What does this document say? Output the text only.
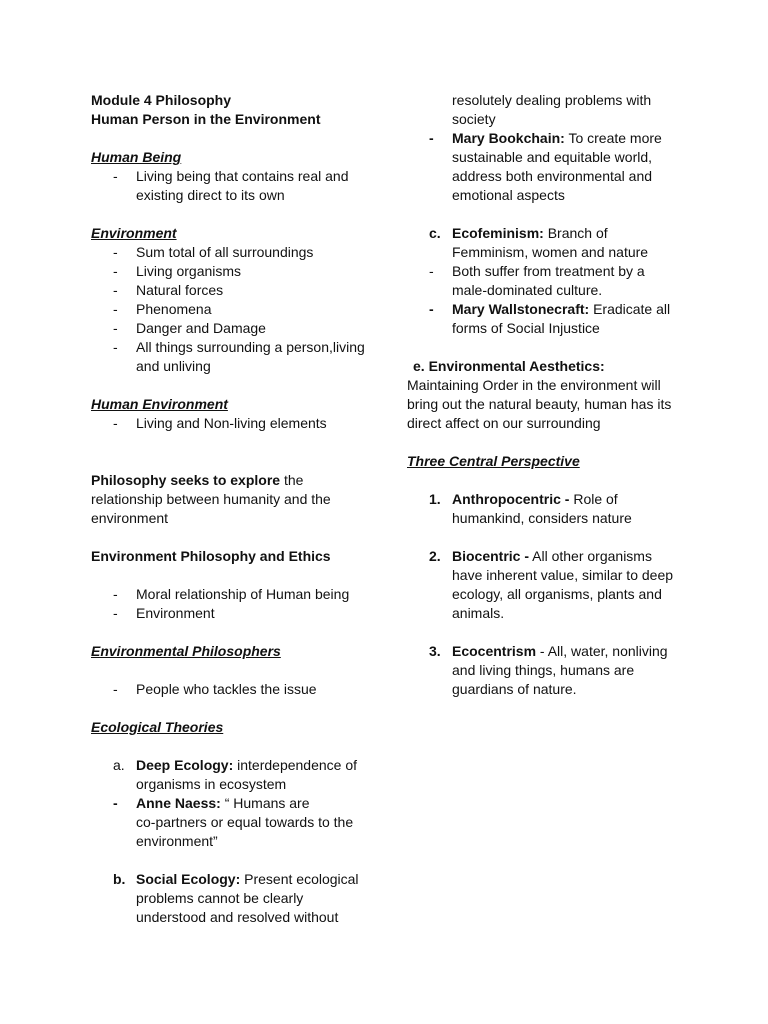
Module 4 Philosophy
Human Person in the Environment
Human Being
- Living being that contains real and
existing direct to its own
Environment
- Sum total of all surroundings
- Living organisms
- Natural forces
- Phenomena
- Danger and Damage
- All things surrounding a person,living
and unliving
Human Environment
- Living and Non-living elements
Philosophy seeks to explore the
relationship between humanity and the
environment
Environment Philosophy and Ethics
- Moral relationship of Human being
- Environment
Environmental Philosophers
- People who tackles the issue
Ecological Theories
a. Deep Ecology: interdependence of
organisms in ecosystem
- Anne Naess: “ Humans are
co-partners or equal towards to the
environment”
b. Social Ecology: Present ecological
problems cannot be clearly
understood and resolved without
resolutely dealing problems with
society
- Mary Bookchain: To create more
sustainable and equitable world,
address both environmental and
emotional aspects
c. Ecofeminism: Branch of
Femminism, women and nature
- Both suffer from treatment by a
male-dominated culture.
- Mary Wallstonecraft: Eradicate all
forms of Social Injustice
e. Environmental Aesthetics:
Maintaining Order in the environment will
bring out the natural beauty, human has its
direct affect on our surrounding
Three Central Perspective
1. Anthropocentric - Role of
humankind, considers nature
2. Biocentric - All other organisms
have inherent value, similar to deep
ecology, all organisms, plants and
animals.
3. Ecocentrism - All, water, nonliving
and living things, humans are
guardians of nature.
